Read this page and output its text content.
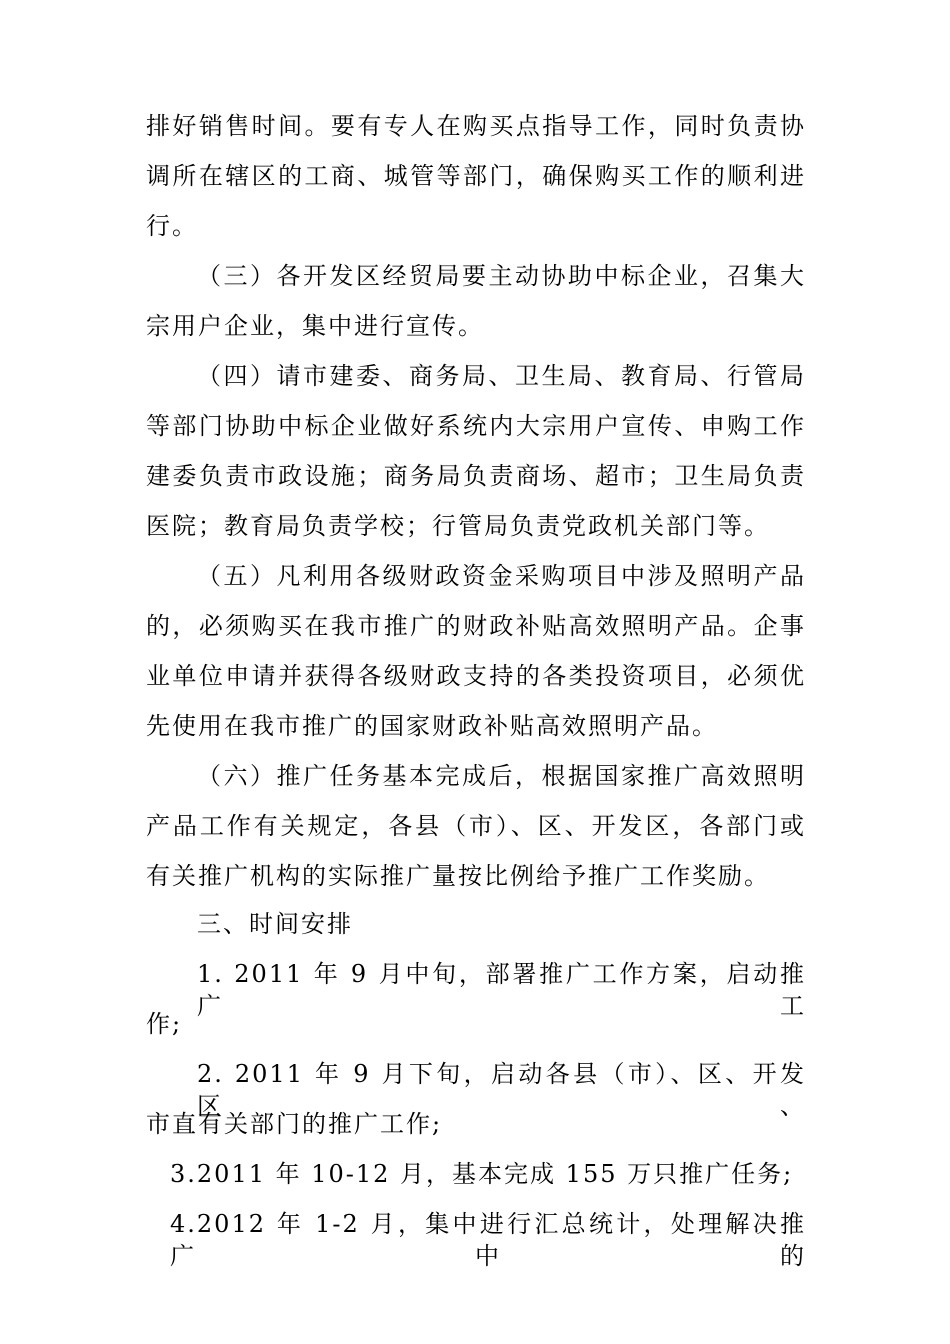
排好销售时间。要有专人在购买点指导工作，同时负责协
调所在辖区的工商、城管等部门，确保购买工作的顺利进
行。
（三）各开发区经贸局要主动协助中标企业，召集大
宗用户企业，集中进行宣传。
（四）请市建委、商务局、卫生局、教育局、行管局
等部门协助中标企业做好系统内大宗用户宣传、申购工作
建委负责市政设施；商务局负责商场、超市；卫生局负责
医院；教育局负责学校；行管局负责党政机关部门等。
（五）凡利用各级财政资金采购项目中涉及照明产品
的，必须购买在我市推广的财政补贴高效照明产品。企事
业单位申请并获得各级财政支持的各类投资项目，必须优
先使用在我市推广的国家财政补贴高效照明产品。
（六）推广任务基本完成后，根据国家推广高效照明
产品工作有关规定，各县（市）、区、开发区，各部门或
有关推广机构的实际推广量按比例给予推广工作奖励。
三、时间安排
1. 2011 年 9 月中旬，部署推广工作方案，启动推广工
作;
2. 2011 年 9 月下旬，启动各县（市）、区、开发区、
市直有关部门的推广工作;
3.2011 年 10-12 月，基本完成 155 万只推广任务;
4.2012 年 1-2 月，集中进行汇总统计，处理解决推广中的
